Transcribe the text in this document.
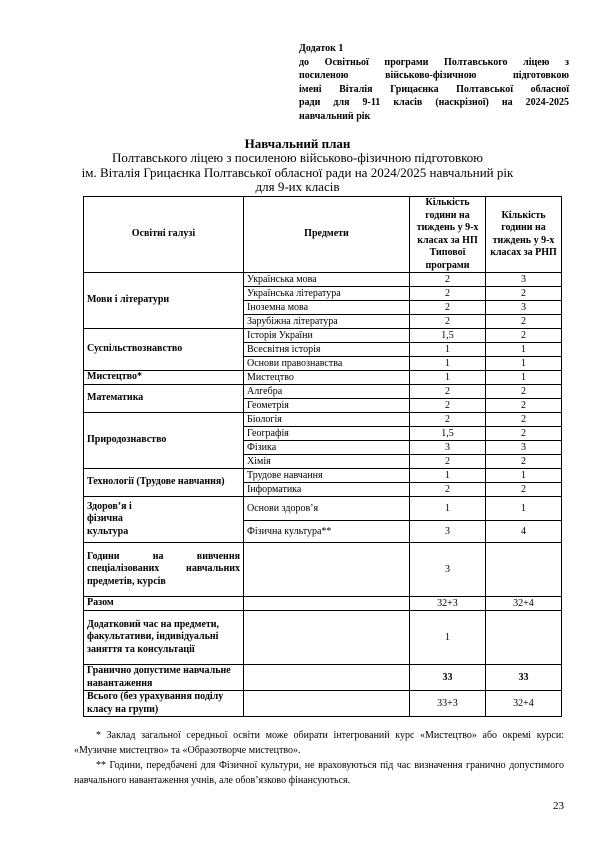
Додаток 1
до Освітньої програми Полтавського ліцею з
посиленою військово-фізичною підготовкою
імені Віталія Грицаєнка Полтавської обласної
ради для 9-11 класів (наскрізної) на 2024-2025
навчальний рік
Навчальний план
Полтавського ліцею з посиленою військово-фізичною підготовкою
ім. Віталія Грицаєнка Полтавської обласної ради на 2024/2025 навчальний рік
для 9-их класів
Освітні галузі	Предмети	Кількість години на тиждень у 9-х класах за НП Типової програми	Кількість години на тиждень у 9-х класах за РНП
Мови і літератури	Українська мова	2	3
	Українська література	2	2
	Іноземна мова	2	3
	Зарубіжна література	2	2
Суспільствознавство	Історія України	1,5	2
	Всесвітня історія	1	1
	Основи правознавства	1	1
Мистецтво*	Мистецтво	1	1
Математика	Алгебра	2	2
	Геометрія	2	2
Природознавство	Біологія	2	2
	Географія	1,5	2
	Фізика	3	3
	Хімія	2	2
Технології (Трудове навчання)	Трудове навчання	1	1
	Інформатика	2	2
Здоров’я і фізична культура	Основи здоров’я	1	1
	Фізична культура**	3	4
Години на вивчення спеціалізованих навчальних предметів, курсів		3	
Разом		32+3	32+4
Додатковий час на предмети, факультативи, індивідуальні заняття та консультації		1	
Гранично допустиме навчальне навантаження		33	33
Всього (без урахування поділу класу на групи)		33+3	32+4

* Заклад загальної середньої освіти може обирати інтегрований курс «Мистецтво» або окремі курси: «Музичне мистецтво» та «Образотворче мистецтво».

** Години, передбачені для Фізичної культури, не враховуються під час визначення гранично допустимого навчального навантаження учнів, але обов’язково фінансуються.

23
